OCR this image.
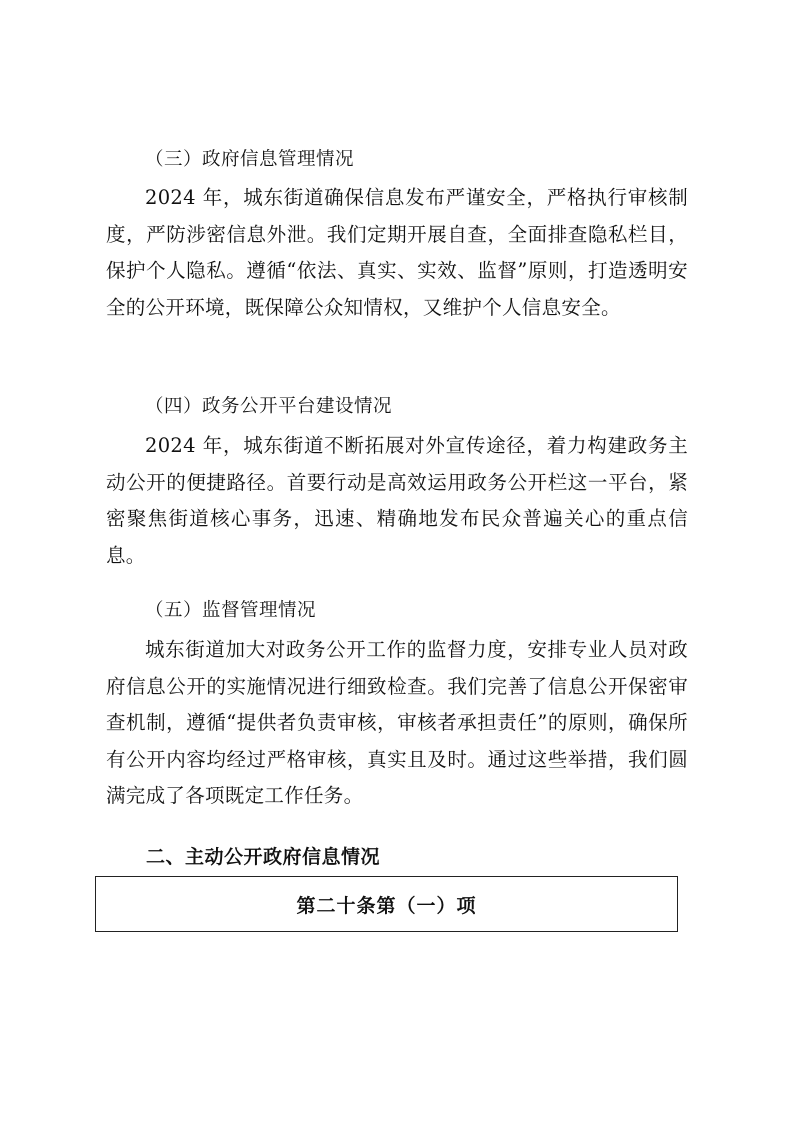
（三）政府信息管理情况
2024 年，城东街道确保信息发布严谨安全，严格执行审核制度，严防涉密信息外泄。我们定期开展自查，全面排查隐私栏目，保护个人隐私。遵循“依法、真实、实效、监督”原则，打造透明安全的公开环境，既保障公众知情权，又维护个人信息安全。
（四）政务公开平台建设情况
2024 年，城东街道不断拓展对外宣传途径，着力构建政务主动公开的便捷路径。首要行动是高效运用政务公开栏这一平台，紧密聚焦街道核心事务，迅速、精确地发布民众普遍关心的重点信息。
（五）监督管理情况
城东街道加大对政务公开工作的监督力度，安排专业人员对政府信息公开的实施情况进行细致检查。我们完善了信息公开保密审查机制，遵循“提供者负责审核，审核者承担责任”的原则，确保所有公开内容均经过严格审核，真实且及时。通过这些举措，我们圆满完成了各项既定工作任务。
二、主动公开政府信息情况
第二十条第（一）项
